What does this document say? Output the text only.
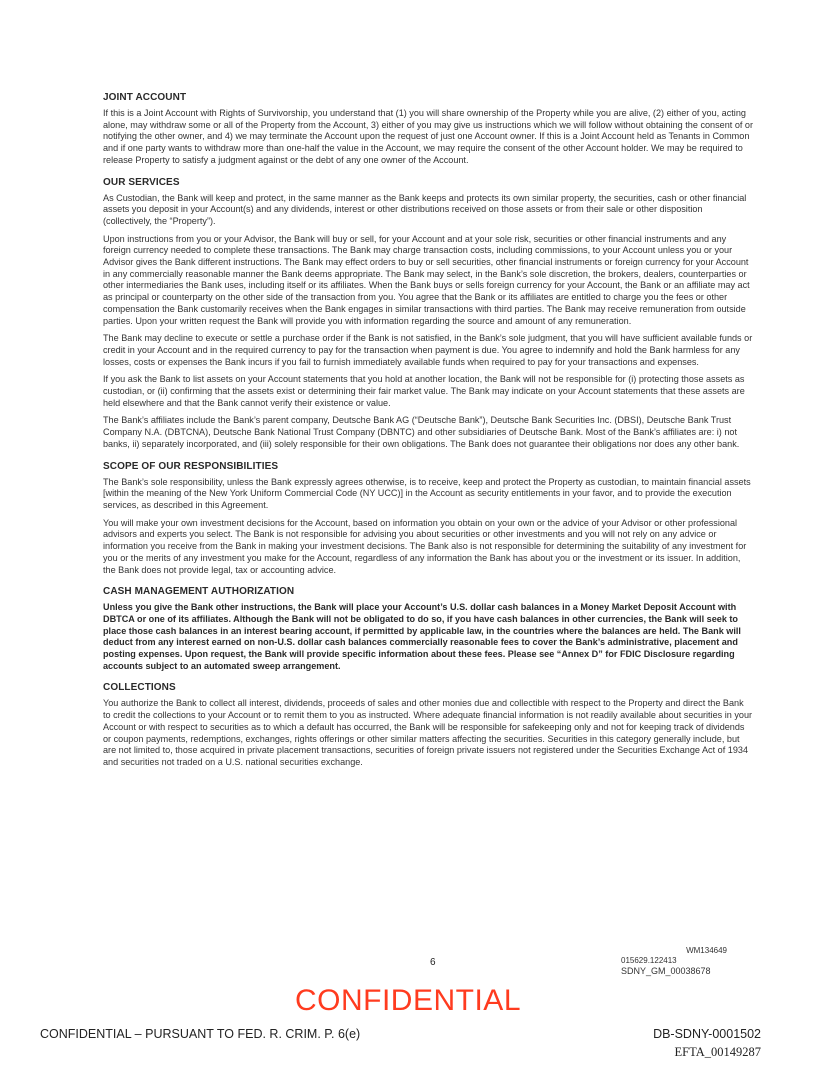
JOINT ACCOUNT
If this is a Joint Account with Rights of Survivorship, you understand that (1) you will share ownership of the Property while you are alive, (2) either of you, acting alone, may withdraw some or all of the Property from the Account, 3) either of you may give us instructions which we will follow without obtaining the consent of or notifying the other owner, and 4) we may terminate the Account upon the request of just one Account owner. If this is a Joint Account held as Tenants in Common and if one party wants to withdraw more than one-half the value in the Account, we may require the consent of the other Account holder. We may be required to release Property to satisfy a judgment against or the debt of any one owner of the Account.
OUR SERVICES
As Custodian, the Bank will keep and protect, in the same manner as the Bank keeps and protects its own similar property, the securities, cash or other financial assets you deposit in your Account(s) and any dividends, interest or other distributions received on those assets or from their sale or other disposition (collectively, the “Property”).
Upon instructions from you or your Advisor, the Bank will buy or sell, for your Account and at your sole risk, securities or other financial instruments and any foreign currency needed to complete these transactions. The Bank may charge transaction costs, including commissions, to your Account unless you or your Advisor gives the Bank different instructions. The Bank may effect orders to buy or sell securities, other financial instruments or foreign currency for your Account in any commercially reasonable manner the Bank deems appropriate. The Bank may select, in the Bank’s sole discretion, the brokers, dealers, counterparties or other intermediaries the Bank uses, including itself or its affiliates. When the Bank buys or sells foreign currency for your Account, the Bank or an affiliate may act as principal or counterparty on the other side of the transaction from you. You agree that the Bank or its affiliates are entitled to charge you the fees or other compensation the Bank customarily receives when the Bank engages in similar transactions with third parties. The Bank may receive remuneration from outside parties. Upon your written request the Bank will provide you with information regarding the source and amount of any remuneration.
The Bank may decline to execute or settle a purchase order if the Bank is not satisfied, in the Bank’s sole judgment, that you will have sufficient available funds or credit in your Account and in the required currency to pay for the transaction when payment is due. You agree to indemnify and hold the Bank harmless for any losses, costs or expenses the Bank incurs if you fail to furnish immediately available funds when required to pay for your transactions and expenses.
If you ask the Bank to list assets on your Account statements that you hold at another location, the Bank will not be responsible for (i) protecting those assets as custodian, or (ii) confirming that the assets exist or determining their fair market value. The Bank may indicate on your Account statements that these assets are held elsewhere and that the Bank cannot verify their existence or value.
The Bank’s affiliates include the Bank’s parent company, Deutsche Bank AG (“Deutsche Bank”), Deutsche Bank Securities Inc. (DBSI), Deutsche Bank Trust Company N.A. (DBTCNA), Deutsche Bank National Trust Company (DBNTC) and other subsidiaries of Deutsche Bank. Most of the Bank’s affiliates are: i) not banks, ii) separately incorporated, and (iii) solely responsible for their own obligations. The Bank does not guarantee their obligations nor does any other bank.
SCOPE OF OUR RESPONSIBILITIES
The Bank’s sole responsibility, unless the Bank expressly agrees otherwise, is to receive, keep and protect the Property as custodian, to maintain financial assets [within the meaning of the New York Uniform Commercial Code (NY UCC)] in the Account as security entitlements in your favor, and to provide the execution services, as described in this Agreement.
You will make your own investment decisions for the Account, based on information you obtain on your own or the advice of your Advisor or other professional advisors and experts you select. The Bank is not responsible for advising you about securities or other investments and you will not rely on any advice or information you receive from the Bank in making your investment decisions. The Bank also is not responsible for determining the suitability of any investment for you or the merits of any investment you make for the Account, regardless of any information the Bank has about you or the investment or its issuer. In addition, the Bank does not provide legal, tax or accounting advice.
CASH MANAGEMENT AUTHORIZATION
Unless you give the Bank other instructions, the Bank will place your Account’s U.S. dollar cash balances in a Money Market Deposit Account with DBTCA or one of its affiliates. Although the Bank will not be obligated to do so, if you have cash balances in other currencies, the Bank will seek to place those cash balances in an interest bearing account, if permitted by applicable law, in the countries where the balances are held. The Bank will deduct from any interest earned on non-U.S. dollar cash balances commercially reasonable fees to cover the Bank’s administrative, placement and posting expenses. Upon request, the Bank will provide specific information about these fees. Please see “Annex D” for FDIC Disclosure regarding accounts subject to an automated sweep arrangement.
COLLECTIONS
You authorize the Bank to collect all interest, dividends, proceeds of sales and other monies due and collectible with respect to the Property and direct the Bank to credit the collections to your Account or to remit them to you as instructed. Where adequate financial information is not readily available about securities in your Account or with respect to securities as to which a default has occurred, the Bank will be responsible for safekeeping only and not for keeping track of dividends or coupon payments, redemptions, exchanges, rights offerings or other similar matters affecting the securities. Securities in this category generally include, but are not limited to, those acquired in private placement transactions, securities of foreign private issuers not registered under the Securities Exchange Act of 1934 and securities not traded on a U.S. national securities exchange.
6
WM134649
015629.122413
SDNY_GM_00038678
CONFIDENTIAL
CONFIDENTIAL – PURSUANT TO FED. R. CRIM. P. 6(e)	DB-SDNY-0001502
EFTA_00149287
